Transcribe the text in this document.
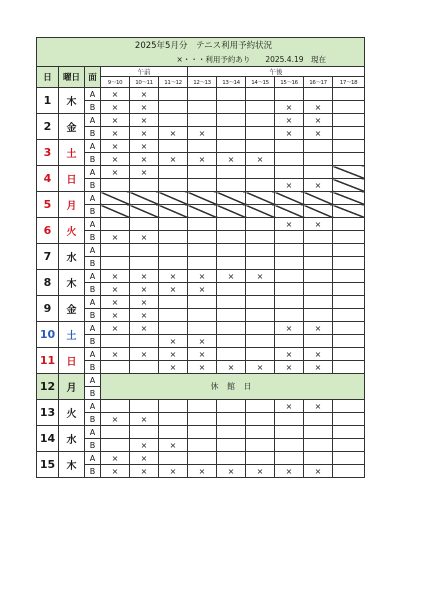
2025年5月分　テニス利用予約状況											
×・・・利用予約あり　　2025.4.19　現在											
日	曜日	面	午前			午後					
			9～10	10～11	11～12	12～13	13～14	14～15	15～16	16～17	17～18
1	木	A	×	×							
		B	×	×					×	×	
2	金	A	×	×					×	×	
		B	×	×	×	×			×	×	
3	土	A	×	×							
		B	×	×	×	×	×	×			
4	日	A	×	×							
		B							×	×	
5	月	A									
		B									
6	火	A							×	×	
		B	×	×							
7	水	A									
		B									
8	木	A	×	×	×	×	×	×			
		B	×	×	×	×					
9	金	A	×	×							
		B	×	×							
10	土	A	×	×					×	×	
		B			×	×					
11	日	A	×	×	×	×			×	×	
		B			×	×	×	×	×	×	
12	月	A	休 館 日								
		B									
13	火	A							×	×	
		B	×	×							
14	水	A									
		B		×	×						
15	木	A	×	×							
		B	×	×	×	×	×	×	×	×	
